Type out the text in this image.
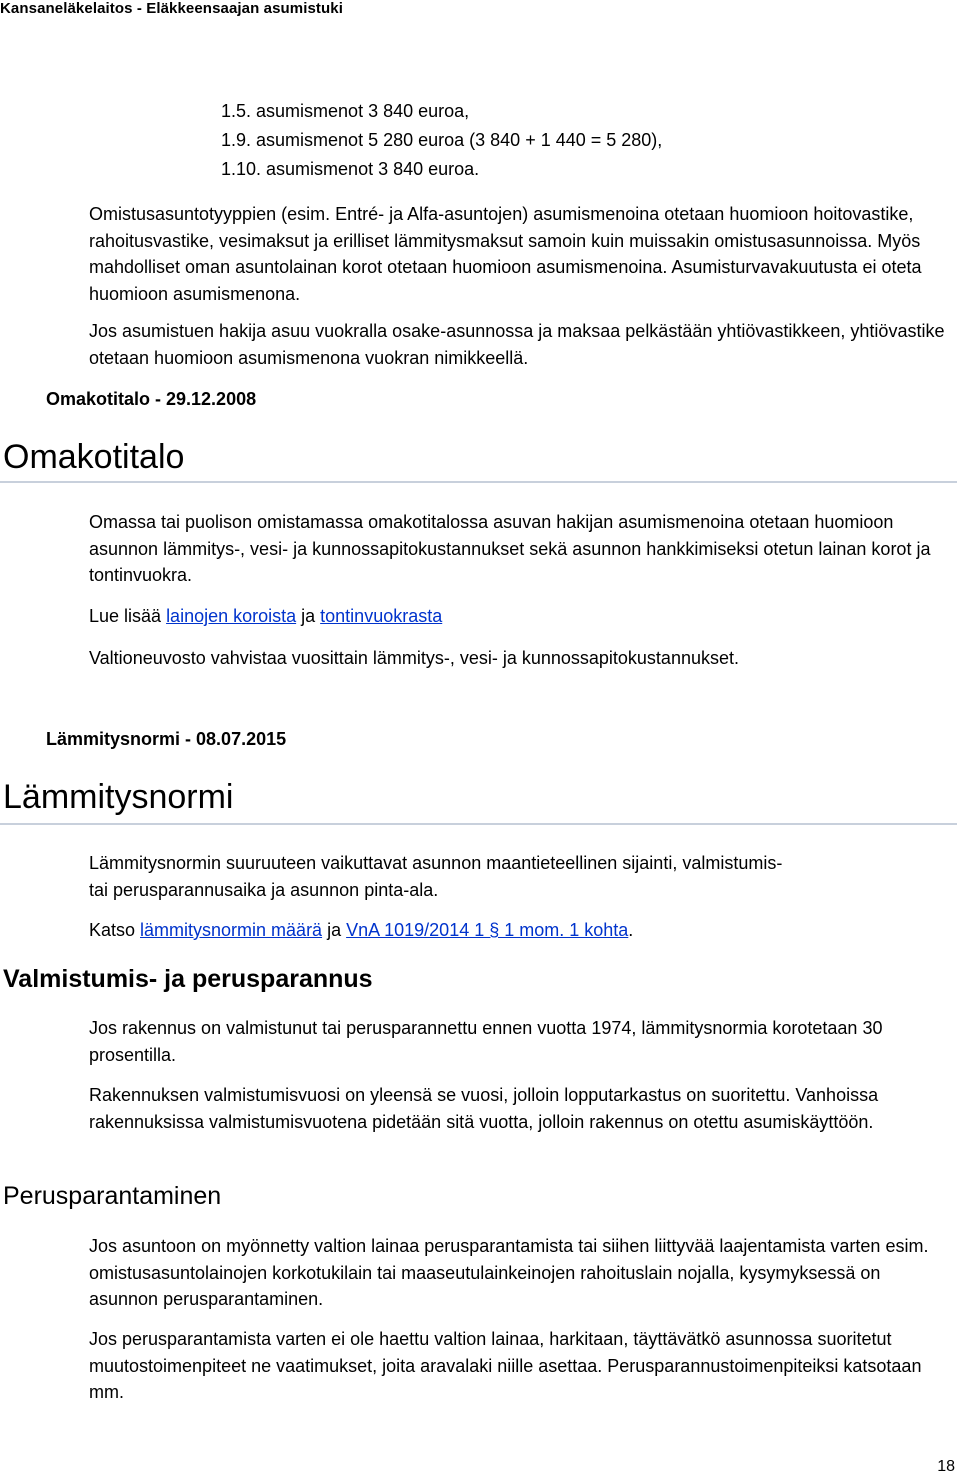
Kansaneläkelaitos - Eläkkeensaajan asumistuki
1.5. asumismenot 3 840 euroa,
1.9. asumismenot 5 280 euroa (3 840 + 1 440 = 5 280),
1.10. asumismenot 3 840 euroa.
Omistusasuntotyyppien (esim. Entré- ja Alfa-asuntojen) asumismenoina otetaan huomioon hoitovastike, rahoitusvastike, vesimaksut ja erilliset lämmitysmaksut samoin kuin muissakin omistusasunnoissa. Myös mahdolliset oman asuntolainan korot otetaan huomioon asumismenoina. Asumisturvavakuutusta ei oteta huomioon asumismenona.
Jos asumistuen hakija asuu vuokralla osake-asunnossa ja maksaa pelkästään yhtiövastikkeen, yhtiövastike otetaan huomioon asumismenona vuokran nimikkeellä.
Omakotitalo - 29.12.2008
Omakotitalo
Omassa tai puolison omistamassa omakotitalossa asuvan hakijan asumismenoina otetaan huomioon asunnon lämmitys-, vesi- ja kunnossapitokustannukset sekä asunnon hankkimiseksi otetun lainan korot ja tontinvuokra.
Lue lisää lainojen koroista ja tontinvuokrasta
Valtioneuvosto vahvistaa vuosittain lämmitys-, vesi- ja kunnossapitokustannukset.
Lämmitysnormi - 08.07.2015
Lämmitysnormi
Lämmitysnormin suuruuteen vaikuttavat asunnon maantieteellinen sijainti, valmistumis-
tai perusparannusaika ja asunnon pinta-ala.
Katso lämmitysnormin määrä ja VnA 1019/2014 1 § 1 mom. 1 kohta.
Valmistumis- ja perusparannus
Jos rakennus on valmistunut tai perusparannettu ennen vuotta 1974, lämmitysnormia korotetaan 30 prosentilla.
Rakennuksen valmistumisvuosi on yleensä se vuosi, jolloin lopputarkastus on suoritettu. Vanhoissa rakennuksissa valmistumisvuotena pidetään sitä vuotta, jolloin rakennus on otettu asumiskäyttöön.
Perusparantaminen
Jos asuntoon on myönnetty valtion lainaa perusparantamista tai siihen liittyvää laajentamista varten esim. omistusasuntolainojen korkotukilain tai maaseutulainkeinojen rahoituslain nojalla, kysymyksessä on asunnon perusparantaminen.
Jos perusparantamista varten ei ole haettu valtion lainaa, harkitaan, täyttävätkö asunnossa suoritetut muutostoimenpiteet ne vaatimukset, joita aravalaki niille asettaa. Perusparannustoimenpiteiksi katsotaan mm.
18
